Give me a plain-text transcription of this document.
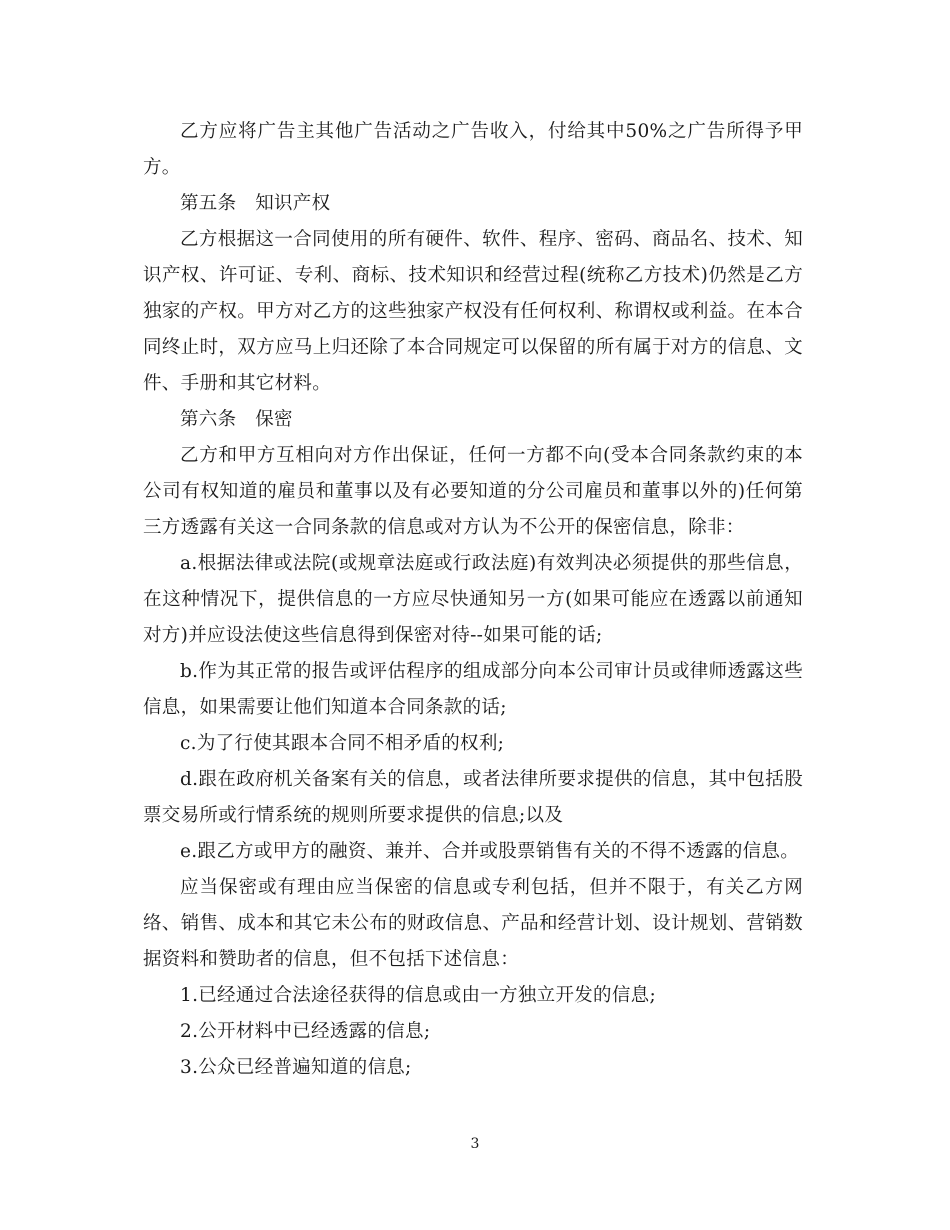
乙方应将广告主其他广告活动之广告收入，付给其中50%之广告所得予甲方。

第五条　知识产权

乙方根据这一合同使用的所有硬件、软件、程序、密码、商品名、技术、知识产权、许可证、专利、商标、技术知识和经营过程(统称乙方技术)仍然是乙方独家的产权。甲方对乙方的这些独家产权没有任何权利、称谓权或利益。在本合同终止时，双方应马上归还除了本合同规定可以保留的所有属于对方的信息、文件、手册和其它材料。

第六条　保密

乙方和甲方互相向对方作出保证，任何一方都不向(受本合同条款约束的本公司有权知道的雇员和董事以及有必要知道的分公司雇员和董事以外的)任何第三方透露有关这一合同条款的信息或对方认为不公开的保密信息，除非：

a.根据法律或法院(或规章法庭或行政法庭)有效判决必须提供的那些信息，在这种情况下，提供信息的一方应尽快通知另一方(如果可能应在透露以前通知对方)并应设法使这些信息得到保密对待--如果可能的话;

b.作为其正常的报告或评估程序的组成部分向本公司审计员或律师透露这些信息，如果需要让他们知道本合同条款的话;

c.为了行使其跟本合同不相矛盾的权利;

d.跟在政府机关备案有关的信息，或者法律所要求提供的信息，其中包括股票交易所或行情系统的规则所要求提供的信息;以及

e.跟乙方或甲方的融资、兼并、合并或股票销售有关的不得不透露的信息。

应当保密或有理由应当保密的信息或专利包括，但并不限于，有关乙方网络、销售、成本和其它未公布的财政信息、产品和经营计划、设计规划、营销数据资料和赞助者的信息，但不包括下述信息：

1.已经通过合法途径获得的信息或由一方独立开发的信息;

2.公开材料中已经透露的信息;

3.公众已经普遍知道的信息;

3
